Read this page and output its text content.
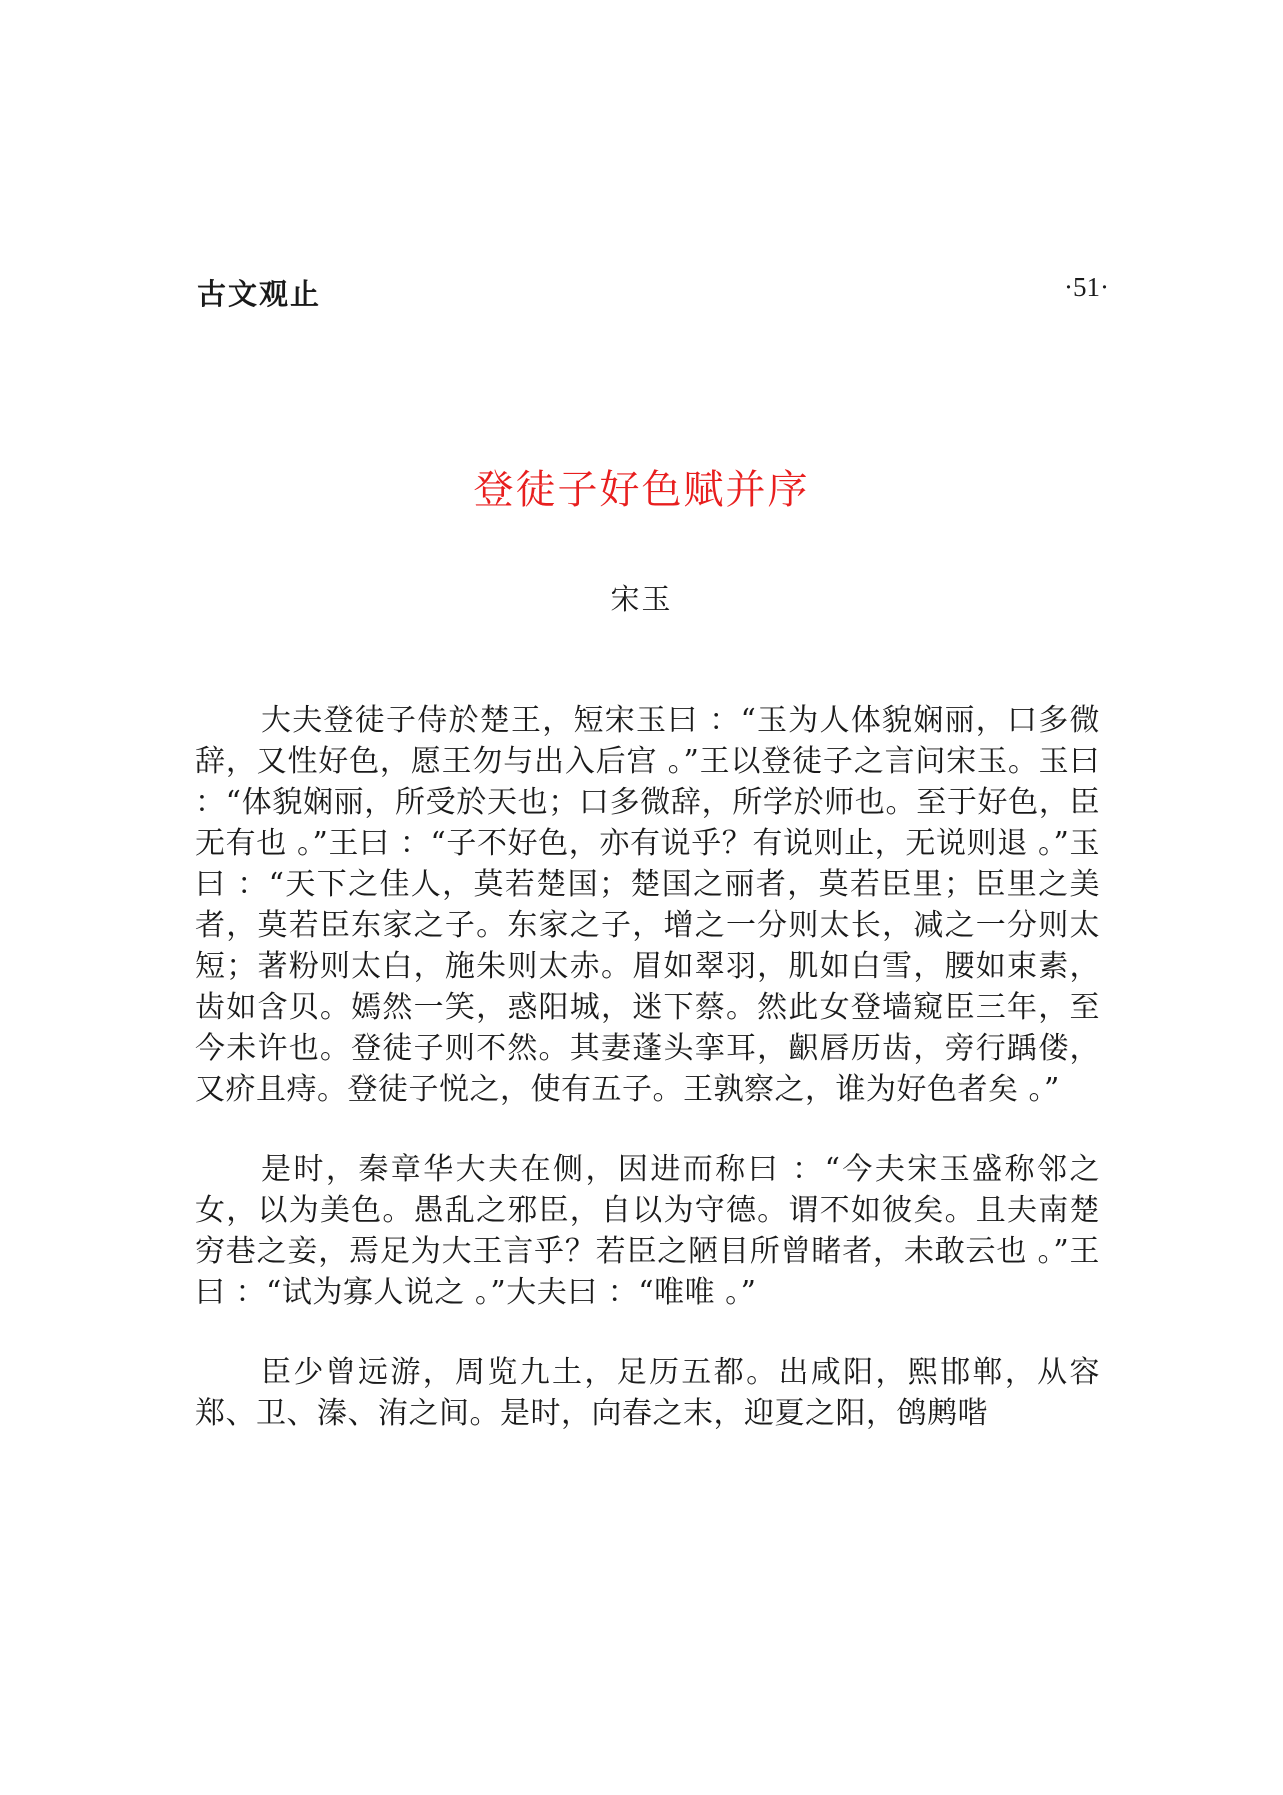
古文观止	·51·
登徒子好色赋并序
宋玉

大夫登徒子侍於楚王，短宋玉曰 ：“玉为人体貌娴丽，口多微辞，又性好色，愿王勿与出入后宫 。”王以登徒子之言问宋玉。玉曰 ：“体貌娴丽，所受於天也；口多微辞，所学於师也。至于好色，臣无有也 。”王曰 ：“子不好色，亦有说乎？有说则止，无说则退 。”玉曰 ：“天下之佳人，莫若楚国；楚国之丽者，莫若臣里；臣里之美者，莫若臣东家之子。东家之子，增之一分则太长，减之一分则太短；著粉则太白，施朱则太赤。眉如翠羽，肌如白雪，腰如束素，齿如含贝。嫣然一笑，惑阳城，迷下蔡。然此女登墙窥臣三年，至今未许也。登徒子则不然。其妻蓬头挛耳，齞唇历齿，旁行踽偻，又疥且痔。登徒子悦之，使有五子。王孰察之，谁为好色者矣 。”

是时，秦章华大夫在侧，因进而称曰 ：“今夫宋玉盛称邻之女，以为美色。愚乱之邪臣，自以为守德。谓不如彼矣。且夫南楚穷巷之妾，焉足为大王言乎？若臣之陋目所曾睹者，未敢云也 。”王曰 ：“试为寡人说之 。”大夫曰 ：“唯唯 。”

臣少曾远游，周览九土，足历五都。出咸阳，熙邯郸，从容郑、卫、溱、洧之间。是时，向春之末，迎夏之阳，鸧鹒喈
